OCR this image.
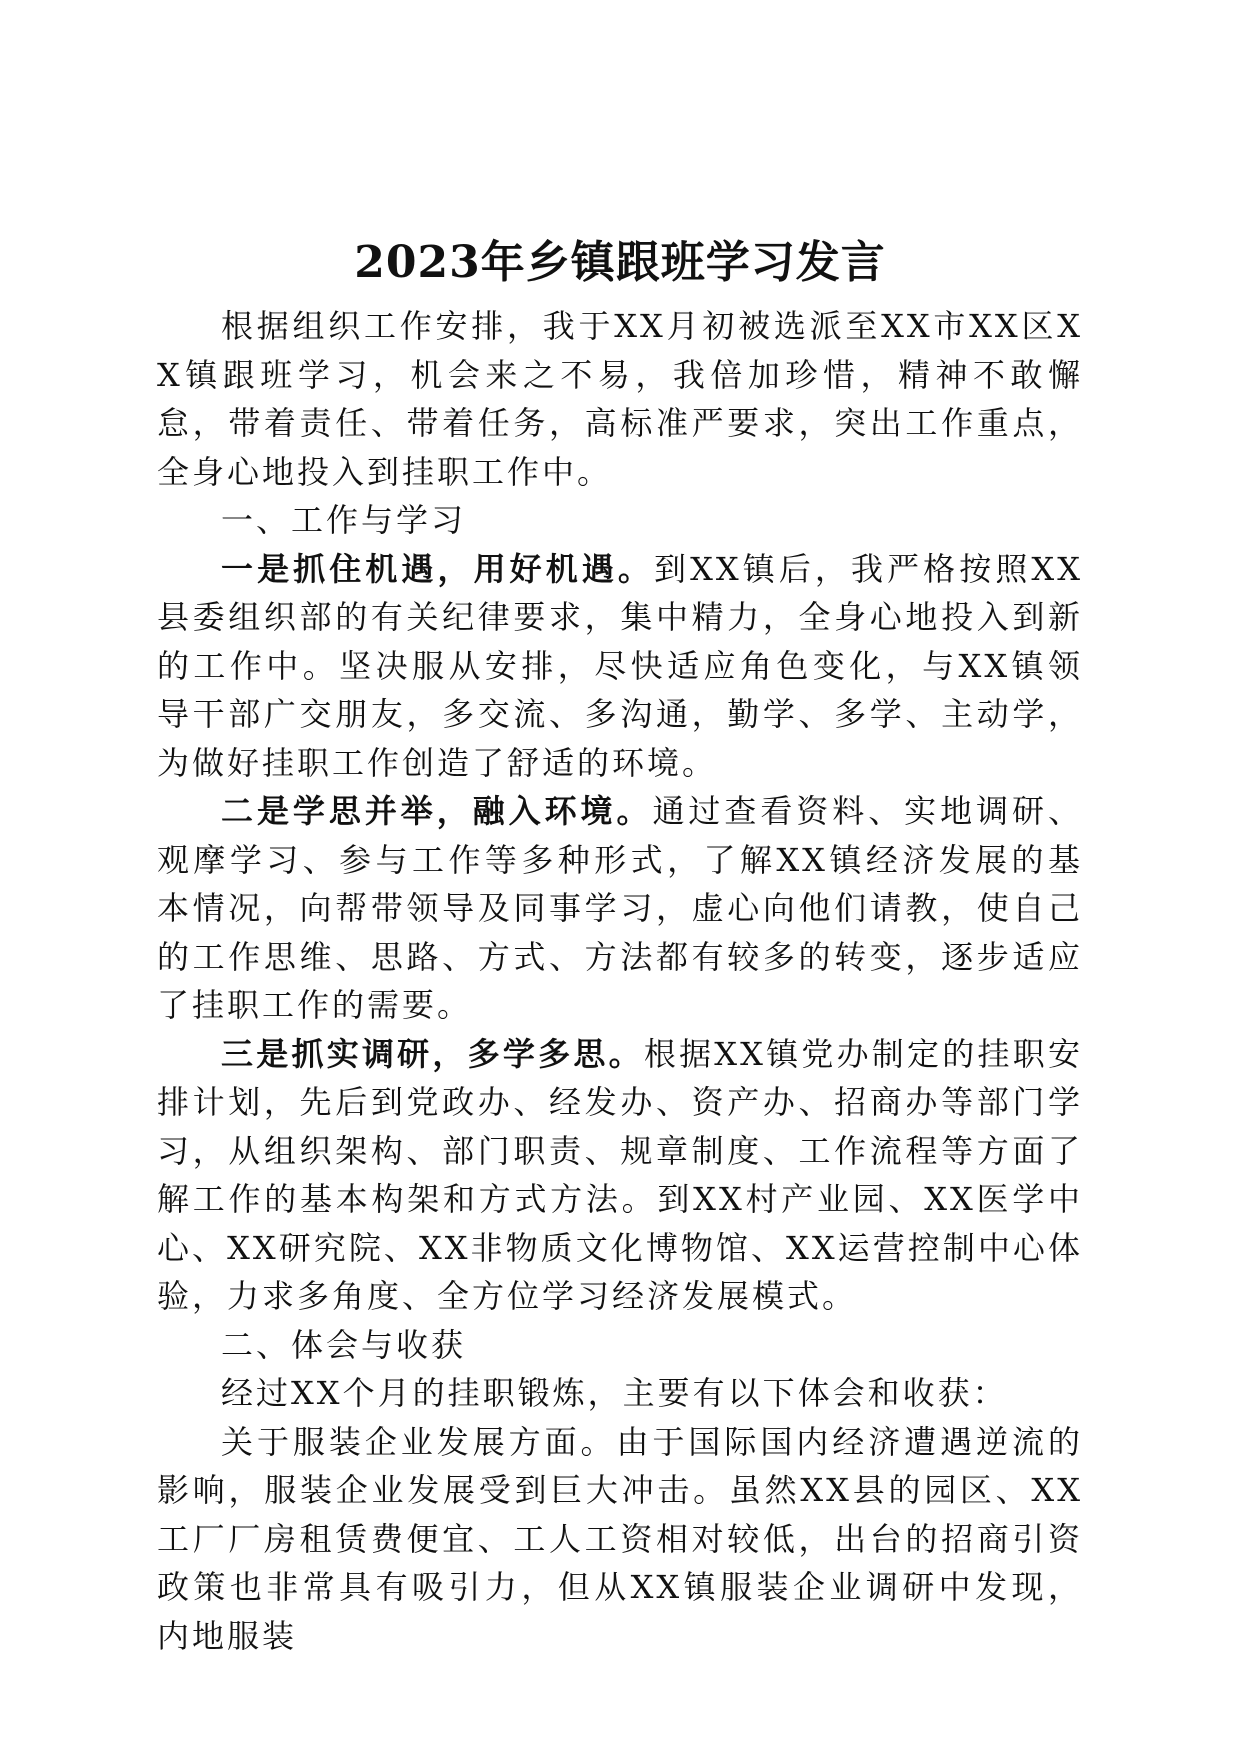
2023年乡镇跟班学习发言

根据组织工作安排，我于XX月初被选派至XX市XX区XX镇跟班学习，机会来之不易，我倍加珍惜，精神不敢懈怠，带着责任、带着任务，高标准严要求，突出工作重点，全身心地投入到挂职工作中。

一、工作与学习

一是抓住机遇，用好机遇。到XX镇后，我严格按照XX县委组织部的有关纪律要求，集中精力，全身心地投入到新的工作中。坚决服从安排，尽快适应角色变化，与XX镇领导干部广交朋友，多交流、多沟通，勤学、多学、主动学，为做好挂职工作创造了舒适的环境。

二是学思并举，融入环境。通过查看资料、实地调研、观摩学习、参与工作等多种形式，了解XX镇经济发展的基本情况，向帮带领导及同事学习，虚心向他们请教，使自己的工作思维、思路、方式、方法都有较多的转变，逐步适应了挂职工作的需要。

三是抓实调研，多学多思。根据XX镇党办制定的挂职安排计划，先后到党政办、经发办、资产办、招商办等部门学习，从组织架构、部门职责、规章制度、工作流程等方面了解工作的基本构架和方式方法。到XX村产业园、XX医学中心、XX研究院、XX非物质文化博物馆、XX运营控制中心体验，力求多角度、全方位学习经济发展模式。

二、体会与收获

经过XX个月的挂职锻炼，主要有以下体会和收获：

关于服装企业发展方面。由于国际国内经济遭遇逆流的影响，服装企业发展受到巨大冲击。虽然XX县的园区、XX工厂厂房租赁费便宜、工人工资相对较低，出台的招商引资政策也非常具有吸引力，但从XX镇服装企业调研中发现，内地服装
